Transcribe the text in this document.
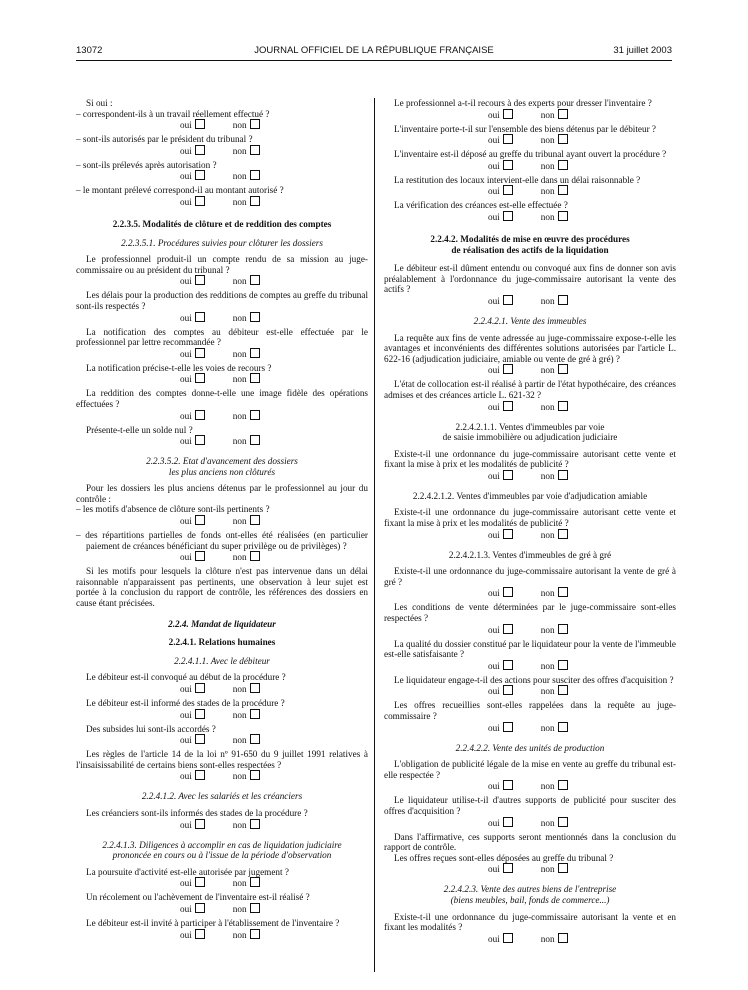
13072	JOURNAL OFFICIEL DE LA RÉPUBLIQUE FRANÇAISE	31 juillet 2003

Si oui :

– correspondent-ils à un travail réellement effectué ?

oui	non

– sont-ils autorisés par le président du tribunal ?

oui	non

– sont-ils prélevés après autorisation ?

oui	non

– le montant prélevé correspond-il au montant autorisé ?

oui	non

2.2.3.5. Modalités de clôture et de reddition des comptes

2.2.3.5.1. Procédures suivies pour clôturer les dossiers

Le professionnel produit-il un compte rendu de sa mission au juge-commissaire ou au président du tribunal ?

oui	non

Les délais pour la production des redditions de comptes au greffe du tribunal sont-ils respectés ?

oui	non

La notification des comptes au débiteur est-elle effectuée par le professionnel par lettre recommandée ?

oui	non

La notification précise-t-elle les voies de recours ?

oui	non

La reddition des comptes donne-t-elle une image fidèle des opérations effectuées ?

oui	non

Présente-t-elle un solde nul ?

oui	non
2.2.3.5.2. Etat d'avancement des dossiers
les plus anciens non clôturés

Pour les dossiers les plus anciens détenus par le professionnel au jour du contrôle :

– les motifs d'absence de clôture sont-ils pertinents ?

oui	non

– des répartitions partielles de fonds ont-elles été réalisées (en particulier paiement de créances bénéficiant du super privilège ou de privilèges) ?

oui	non

Si les motifs pour lesquels la clôture n'est pas intervenue dans un délai raisonnable n'apparaissent pas pertinents, une observation à leur sujet est portée à la conclusion du rapport de contrôle, les références des dossiers en cause étant précisées.

2.2.4. Mandat de liquidateur

2.2.4.1. Relations humaines

2.2.4.1.1. Avec le débiteur

Le débiteur est-il convoqué au début de la procédure ?

oui	non

Le débiteur est-il informé des stades de la procédure ?

oui	non

Des subsides lui sont-ils accordés ?

oui	non

Les règles de l'article 14 de la loi nº 91-650 du 9 juillet 1991 relatives à l'insaisissabilité de certains biens sont-elles respectées ?

oui	non

2.2.4.1.2. Avec les salariés et les créanciers

Les créanciers sont-ils informés des stades de la procédure ?

oui	non
2.2.4.1.3. Diligences à accomplir en cas de liquidation judiciaire
prononcée en cours ou à l'issue de la période d'observation

La poursuite d'activité est-elle autorisée par jugement ?

oui	non

Un récolement ou l'achèvement de l'inventaire est-il réalisé ?

oui	non

Le débiteur est-il invité à participer à l'établissement de l'inventaire ?

oui	non

Le professionnel a-t-il recours à des experts pour dresser l'inventaire ?

oui	non

L'inventaire porte-t-il sur l'ensemble des biens détenus par le débiteur ?

oui	non

L'inventaire est-il déposé au greffe du tribunal ayant ouvert la procédure ?

oui	non

La restitution des locaux intervient-elle dans un délai raisonnable ?

oui	non

La vérification des créances est-elle effectuée ?

oui	non
2.2.4.2. Modalités de mise en œuvre des procédures
de réalisation des actifs de la liquidation

Le débiteur est-il dûment entendu ou convoqué aux fins de donner son avis préalablement à l'ordonnance du juge-commissaire autorisant la vente des actifs ?

oui	non

2.2.4.2.1. Vente des immeubles

La requête aux fins de vente adressée au juge-commissaire expose-t-elle les avantages et inconvénients des différentes solutions autorisées par l'article L. 622-16 (adjudication judiciaire, amiable ou vente de gré à gré) ?

oui	non

L'état de collocation est-il réalisé à partir de l'état hypothécaire, des créances admises et des créances article L. 621-32 ?

oui	non
2.2.4.2.1.1. Ventes d'immeubles par voie
de saisie immobilière ou adjudication judiciaire

Existe-t-il une ordonnance du juge-commissaire autorisant cette vente et fixant la mise à prix et les modalités de publicité ?

oui	non

2.2.4.2.1.2. Ventes d'immeubles par voie d'adjudication amiable

Existe-t-il une ordonnance du juge-commissaire autorisant cette vente et fixant la mise à prix et les modalités de publicité ?

oui	non

2.2.4.2.1.3. Ventes d'immeubles de gré à gré

Existe-t-il une ordonnance du juge-commissaire autorisant la vente de gré à gré ?

oui	non

Les conditions de vente déterminées par le juge-commissaire sont-elles respectées ?

oui	non

La qualité du dossier constitué par le liquidateur pour la vente de l'immeuble est-elle satisfaisante ?

oui	non

Le liquidateur engage-t-il des actions pour susciter des offres d'acquisition ?

oui	non

Les offres recueillies sont-elles rappelées dans la requête au juge-commissaire ?

oui	non

2.2.4.2.2. Vente des unités de production

L'obligation de publicité légale de la mise en vente au greffe du tribunal est-elle respectée ?

oui	non

Le liquidateur utilise-t-il d'autres supports de publicité pour susciter des offres d'acquisition ?

oui	non

Dans l'affirmative, ces supports seront mentionnés dans la conclusion du rapport de contrôle.

Les offres reçues sont-elles déposées au greffe du tribunal ?

oui	non
2.2.4.2.3. Vente des autres biens de l'entreprise
(biens meubles, bail, fonds de commerce...)

Existe-t-il une ordonnance du juge-commissaire autorisant la vente et en fixant les modalités ?

oui	non
